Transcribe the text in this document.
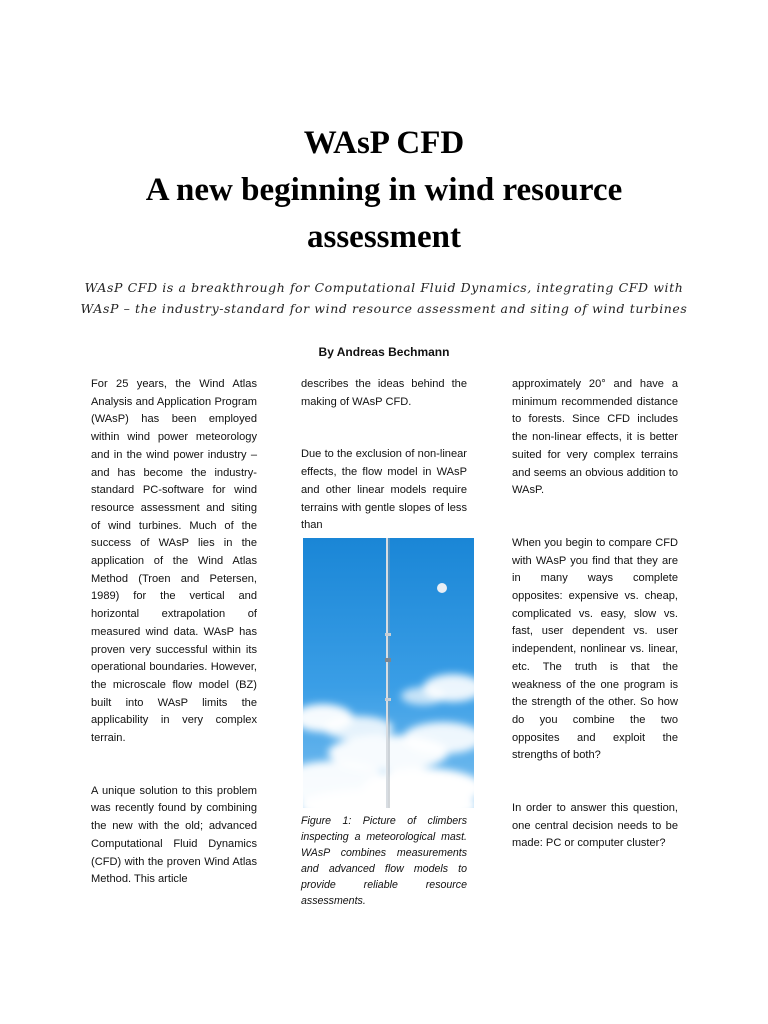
WAsP CFD
A new beginning in wind resource
assessment
WAsP CFD is a breakthrough for Computational Fluid Dynamics, integrating CFD with WAsP – the industry-standard for wind resource assessment and siting of wind turbines
By Andreas Bechmann

For 25 years, the Wind Atlas Analysis and Application Program (WAsP) has been employed within wind power meteorology and in the wind power industry – and has become the industry-standard PC-software for wind resource assessment and siting of wind turbines. Much of the success of WAsP lies in the application of the Wind Atlas Method (Troen and Petersen, 1989) for the vertical and horizontal extrapolation of measured wind data. WAsP has proven very successful within its operational boundaries. However, the microscale flow model (BZ) built into WAsP limits the applicability in very complex terrain.

A unique solution to this problem was recently found by combining the new with the old; advanced Computational Fluid Dynamics (CFD) with the proven Wind Atlas Method. This article

describes the ideas behind the making of WAsP CFD.

Due to the exclusion of non-linear effects, the flow model in WAsP and other linear models require terrains with gentle slopes of less than

Figure 1: Picture of climbers inspecting a meteorological mast. WAsP combines measurements and advanced flow models to provide reliable resource assessments.

approximately 20° and have a minimum recommended distance to forests. Since CFD includes the non-linear effects, it is better suited for very complex terrains and seems an obvious addition to WAsP.

When you begin to compare CFD with WAsP you find that they are in many ways complete opposites: expensive vs. cheap, complicated vs. easy, slow vs. fast, user dependent vs. user independent, nonlinear vs. linear, etc. The truth is that the weakness of the one program is the strength of the other. So how do you combine the two opposites and exploit the strengths of both?

In order to answer this question, one central decision needs to be made: PC or computer cluster?
